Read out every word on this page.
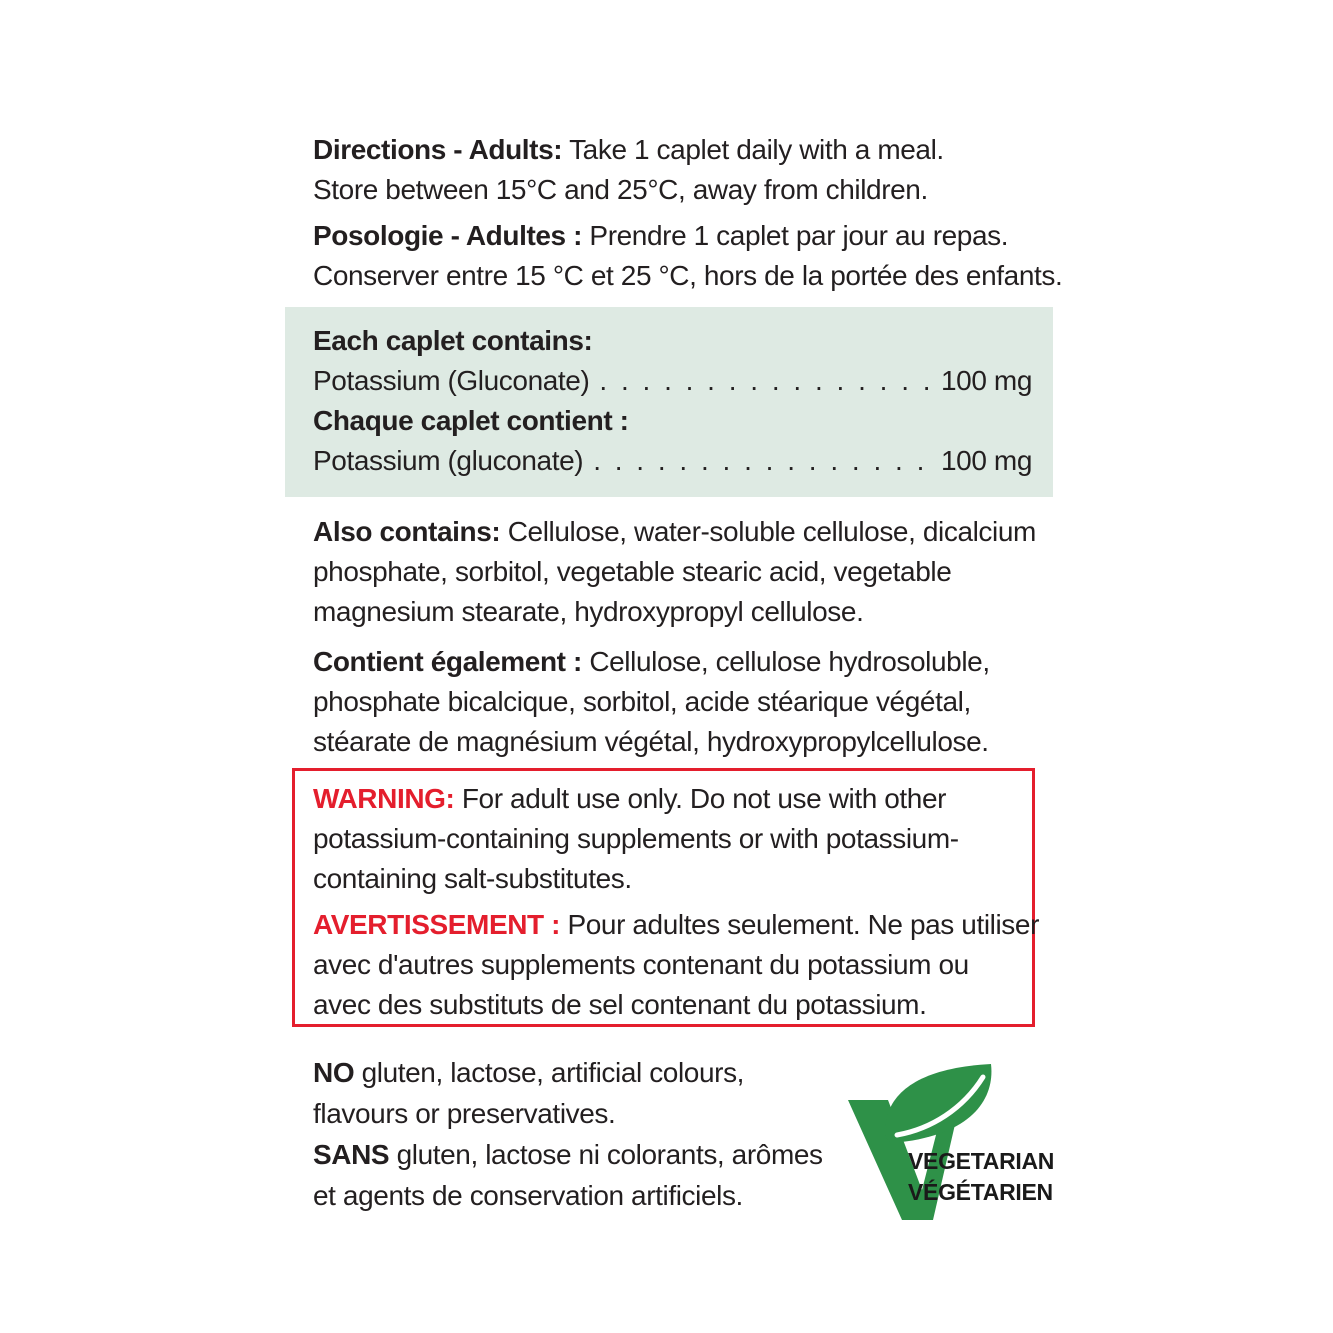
Directions - Adults: Take 1 caplet daily with a meal.
Store between 15°C and 25°C, away from children.
Posologie - Adultes : Prendre 1 caplet par jour au repas.
Conserver entre 15 °C et 25 °C, hors de la portée des enfants.
Each caplet contains:
Potassium (Gluconate) . . .	100 mg
Chaque caplet contient :
Potassium (gluconate) . . .	100 mg
Also contains: Cellulose, water-soluble cellulose, dicalcium
phosphate, sorbitol, vegetable stearic acid, vegetable
magnesium stearate, hydroxypropyl cellulose.
Contient également : Cellulose, cellulose hydrosoluble,
phosphate bicalcique, sorbitol, acide stéarique végétal,
stéarate de magnésium végétal, hydroxypropylcellulose.
WARNING: For adult use only. Do not use with other
potassium-containing supplements or with potassium-
containing salt-substitutes.
AVERTISSEMENT : Pour adultes seulement. Ne pas utiliser
avec d'autres supplements contenant du potassium ou
avec des substituts de sel contenant du potassium.
NO gluten, lactose, artificial colours,
flavours or preservatives.
SANS gluten, lactose ni colorants, arômes
et agents de conservation artificiels.
VEGETARIAN
VÉGÉTARIEN
